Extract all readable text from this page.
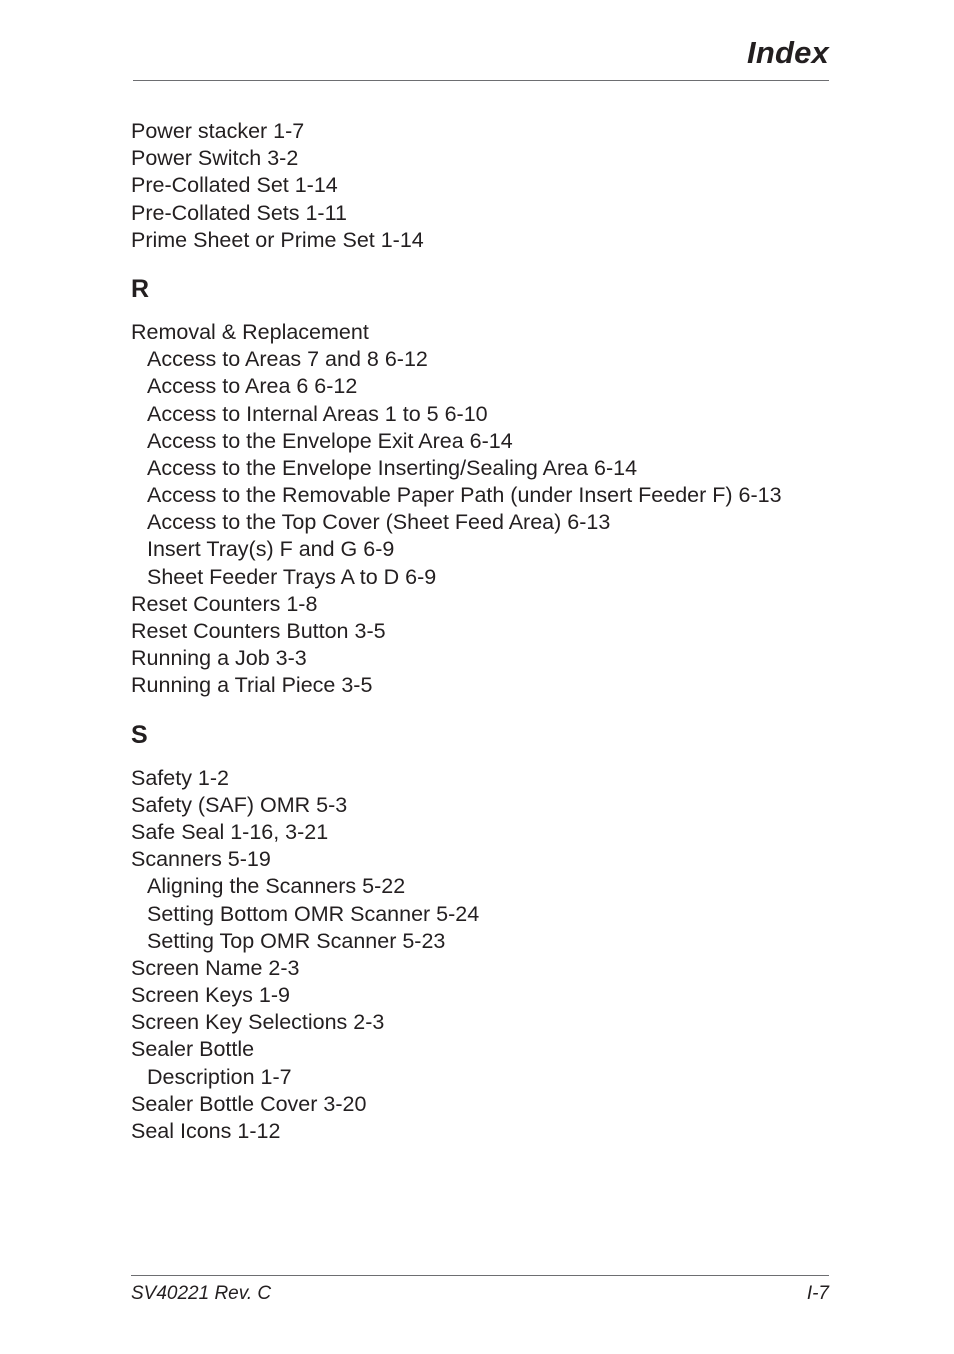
Index
Power stacker 1-7
Power Switch 3-2
Pre-Collated Set 1-14
Pre-Collated Sets 1-11
Prime Sheet or Prime Set 1-14
R
Removal & Replacement
Access to Areas 7 and 8 6-12
Access to Area 6 6-12
Access to Internal Areas 1 to 5 6-10
Access to the Envelope Exit Area 6-14
Access to the Envelope Inserting/Sealing Area 6-14
Access to the Removable Paper Path (under Insert Feeder F) 6-13
Access to the Top Cover (Sheet Feed Area) 6-13
Insert Tray(s) F and G 6-9
Sheet Feeder Trays A to D 6-9
Reset Counters 1-8
Reset Counters Button 3-5
Running a Job 3-3
Running a Trial Piece 3-5
S
Safety 1-2
Safety (SAF) OMR 5-3
Safe Seal 1-16, 3-21
Scanners 5-19
Aligning the Scanners 5-22
Setting Bottom OMR Scanner 5-24
Setting Top OMR Scanner 5-23
Screen Name 2-3
Screen Keys 1-9
Screen Key Selections 2-3
Sealer Bottle
Description 1-7
Sealer Bottle Cover 3-20
Seal Icons 1-12
SV40221 Rev. C	I-7
